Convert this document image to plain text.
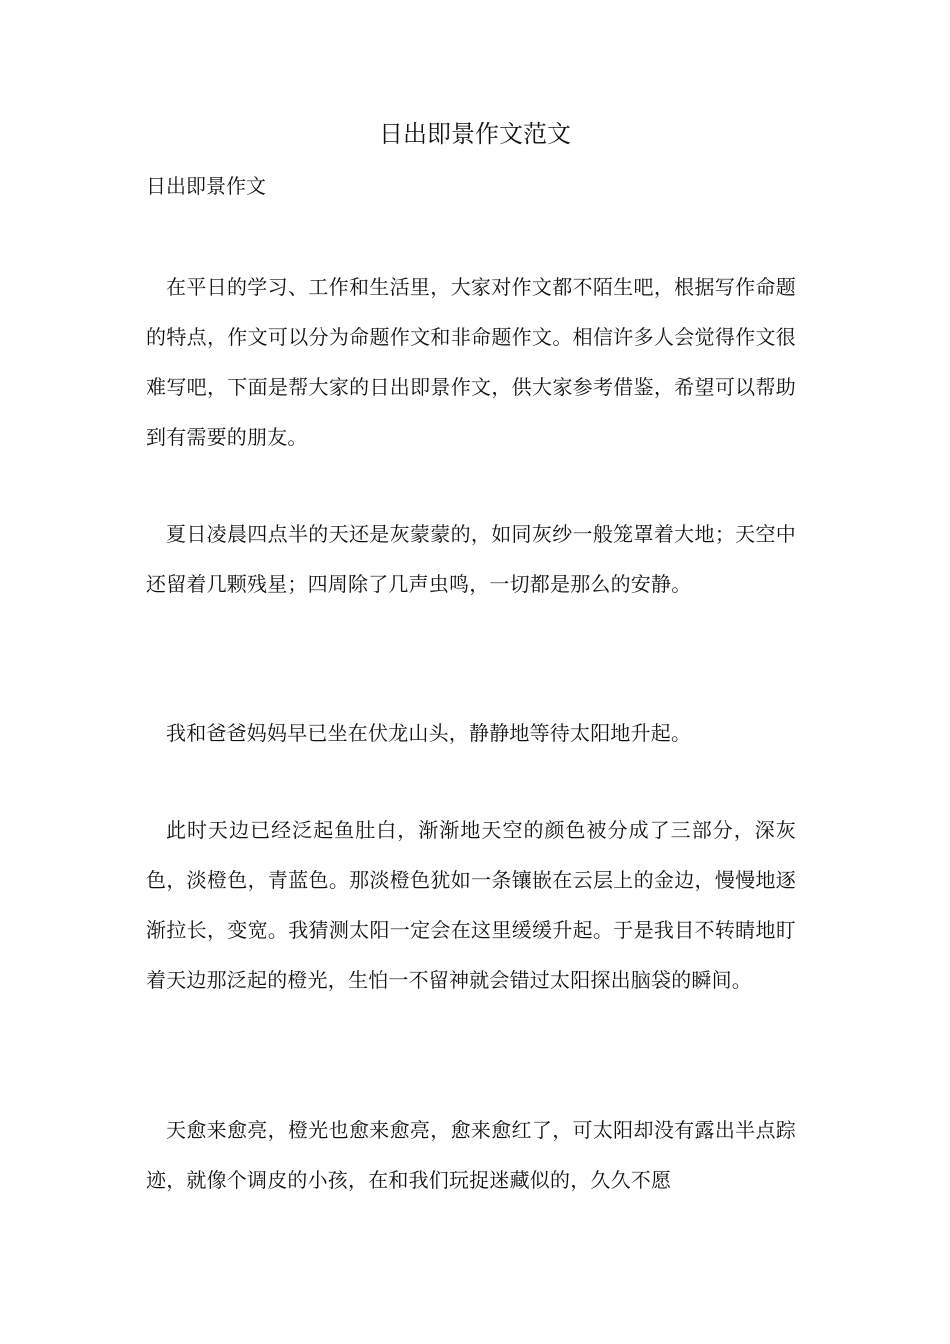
日出即景作文范文

日出即景作文

在平日的学习、工作和生活里，大家对作文都不陌生吧，根据写作命题的特点，作文可以分为命题作文和非命题作文。相信许多人会觉得作文很难写吧，下面是帮大家的日出即景作文，供大家参考借鉴，希望可以帮助到有需要的朋友。

夏日凌晨四点半的天还是灰蒙蒙的，如同灰纱一般笼罩着大地；天空中还留着几颗残星；四周除了几声虫鸣，一切都是那么的安静。

我和爸爸妈妈早已坐在伏龙山头，静静地等待太阳地升起。

此时天边已经泛起鱼肚白，渐渐地天空的颜色被分成了三部分，深灰色，淡橙色，青蓝色。那淡橙色犹如一条镶嵌在云层上的金边，慢慢地逐渐拉长，变宽。我猜测太阳一定会在这里缓缓升起。于是我目不转睛地盯着天边那泛起的橙光，生怕一不留神就会错过太阳探出脑袋的瞬间。

天愈来愈亮，橙光也愈来愈亮，愈来愈红了，可太阳却没有露出半点踪迹，就像个调皮的小孩，在和我们玩捉迷藏似的，久久不愿
